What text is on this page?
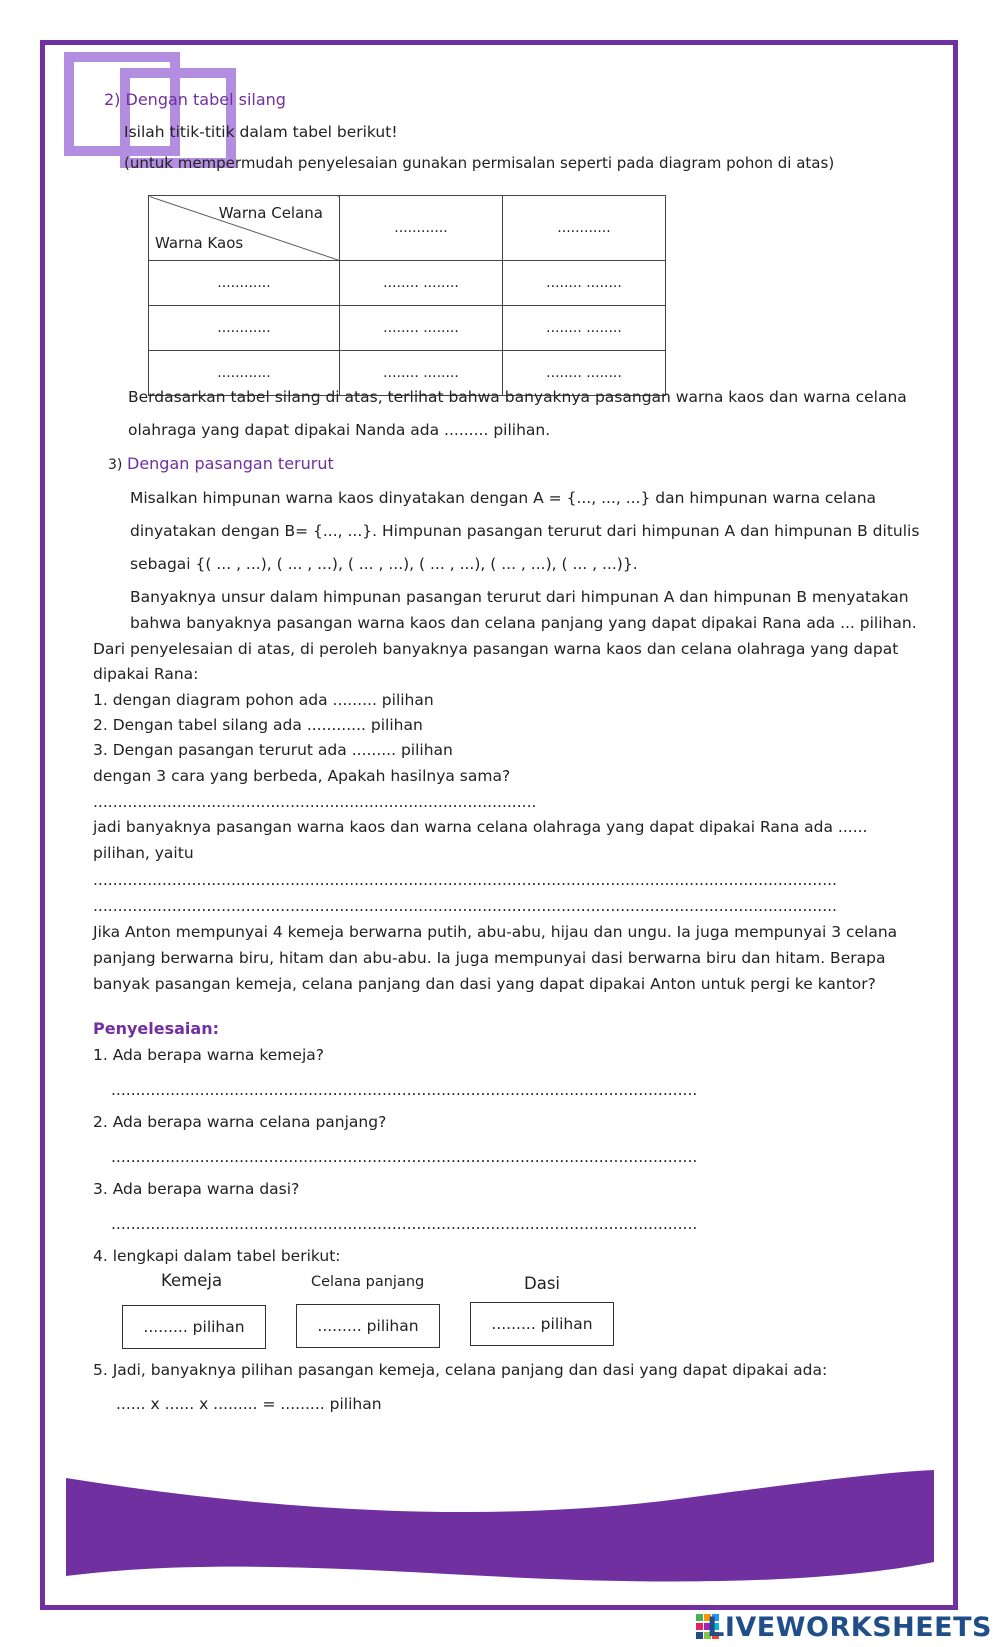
2) Dengan tabel silang
Isilah titik-titik dalam tabel berikut!
(untuk mempermudah penyelesaian gunakan permisalan seperti pada diagram pohon di atas)
Warna Celana
Warna Kaos	............	............
............	........ ........	........ ........
............	........ ........	........ ........
............	........ ........	........ ........
Berdasarkan tabel silang di atas, terlihat bahwa banyaknya pasangan warna kaos dan warna celana
olahraga yang dapat dipakai Nanda ada ......... pilihan.
3) Dengan pasangan terurut
Misalkan himpunan warna kaos dinyatakan dengan A = {..., ..., ...} dan himpunan warna celana
dinyatakan dengan B= {..., ...}. Himpunan pasangan terurut dari himpunan A dan himpunan B ditulis
sebagai {( ... , ...), ( ... , ...), ( ... , ...), ( ... , ...), ( ... , ...), ( ... , ...)}.
Banyaknya unsur dalam himpunan pasangan terurut dari himpunan A dan himpunan B menyatakan
bahwa banyaknya pasangan warna kaos dan celana panjang yang dapat dipakai Rana ada ... pilihan.
Dari penyelesaian di atas, di peroleh banyaknya pasangan warna kaos dan celana olahraga yang dapat
dipakai Rana:
1. dengan diagram pohon ada ......... pilihan
2. Dengan tabel silang ada ............ pilihan
3. Dengan pasangan terurut ada ......... pilihan
dengan 3 cara yang berbeda, Apakah hasilnya sama?
..........................................................................................
jadi banyaknya pasangan warna kaos dan warna celana olahraga yang dapat dipakai Rana ada ......
pilihan, yaitu
.......................................................................................................................................................
.......................................................................................................................................................
Jika Anton mempunyai 4 kemeja berwarna putih, abu-abu, hijau dan ungu. Ia juga mempunyai 3 celana
panjang berwarna biru, hitam dan abu-abu. Ia juga mempunyai dasi berwarna biru dan hitam. Berapa
banyak pasangan kemeja, celana panjang dan dasi yang dapat dipakai Anton untuk pergi ke kantor?
Penyelesaian:
1. Ada berapa warna kemeja?
.......................................................................................................................
2. Ada berapa warna celana panjang?
.......................................................................................................................
3. Ada berapa warna dasi?
.......................................................................................................................
4. lengkapi dalam tabel berikut:
Kemeja	Celana panjang	Dasi
......... pilihan	......... pilihan	......... pilihan
5. Jadi, banyaknya pilihan pasangan kemeja, celana panjang dan dasi yang dapat dipakai ada:
...... x ...... x ......... = ......... pilihan
LIVEWORKSHEETS
